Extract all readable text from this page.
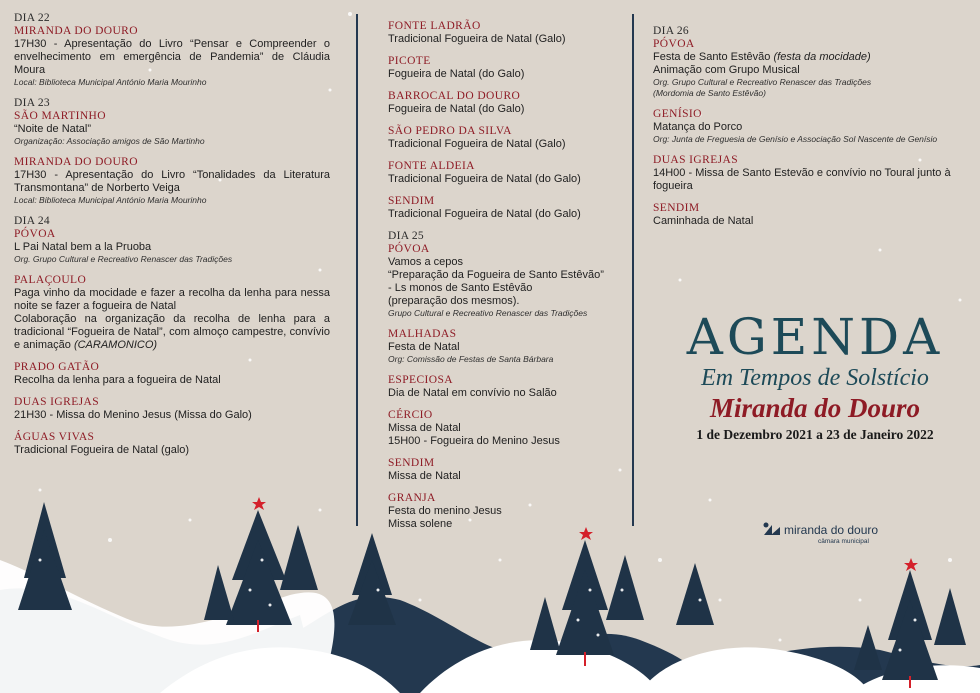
DIA 22
MIRANDA DO DOURO
17H30 - Apresentação do Livro “Pensar e Compreender o envelhecimento em emergência de Pandemia” de Cláudia Moura
Local: Biblioteca Municipal António Maria Mourinho
DIA 23
SÃO MARTINHO
“Noite de Natal”
Organização: Associação amigos de São Martinho
MIRANDA DO DOURO
17H30 - Apresentação do Livro “Tonalidades da Literatura Transmontana” de Norberto Veiga
Local: Biblioteca Municipal António Maria Mourinho
DIA 24
PÓVOA
L Pai Natal bem a la Pruoba
Org. Grupo Cultural e Recreativo Renascer das Tradições
PALAÇOULO
Paga vinho da mocidade e fazer a recolha da lenha para nessa noite se fazer a fogueira de Natal
Colaboração na organização da recolha de lenha para a tradicional “Fogueira de Natal”, com almoço campestre, convívio e animação (CARAMONICO)
PRADO GATÃO
Recolha da lenha para a fogueira de Natal
DUAS IGREJAS
21H30 - Missa do Menino Jesus (Missa do Galo)
ÁGUAS VIVAS
Tradicional Fogueira de Natal (galo)
FONTE LADRÃO
Tradicional Fogueira de Natal (Galo)
PICOTE
Fogueira de Natal (do Galo)
BARROCAL DO DOURO
Fogueira de Natal (do Galo)
SÃO PEDRO DA SILVA
Tradicional Fogueira de Natal (Galo)
FONTE ALDEIA
Tradicional Fogueira de Natal (do Galo)
SENDIM
Tradicional Fogueira de Natal (do Galo)
DIA 25
PÓVOA
Vamos a cepos
“Preparação da Fogueira de Santo Estêvão”
- Ls monos de Santo Estêvão
(preparação dos mesmos).
Grupo Cultural e Recreativo Renascer das Tradições
MALHADAS
Festa de Natal
Org: Comissão de Festas de Santa Bárbara
ESPECIOSA
Dia de Natal em convívio no Salão
CÉRCIO
Missa de Natal
15H00 - Fogueira do Menino Jesus
SENDIM
Missa de Natal
GRANJA
Festa do menino Jesus
Missa solene
DIA 26
PÓVOA
Festa de Santo Estêvão (festa da mocidade)
Animação com Grupo Musical
Org. Grupo Cultural e Recreativo Renascer das Tradições
(Mordomia de Santo Estêvão)
GENÍSIO
Matança do Porco
Org: Junta de Freguesia de Genísio e Associação Sol Nascente de Genísio
DUAS IGREJAS
14H00 - Missa de Santo Estevão e convívio no Toural junto à fogueira
SENDIM
Caminhada de Natal
AGENDA
Em Tempos de Solstício
Miranda do Douro
1 de Dezembro 2021 a 23 de Janeiro 2022
miranda do douro
câmara municipal
